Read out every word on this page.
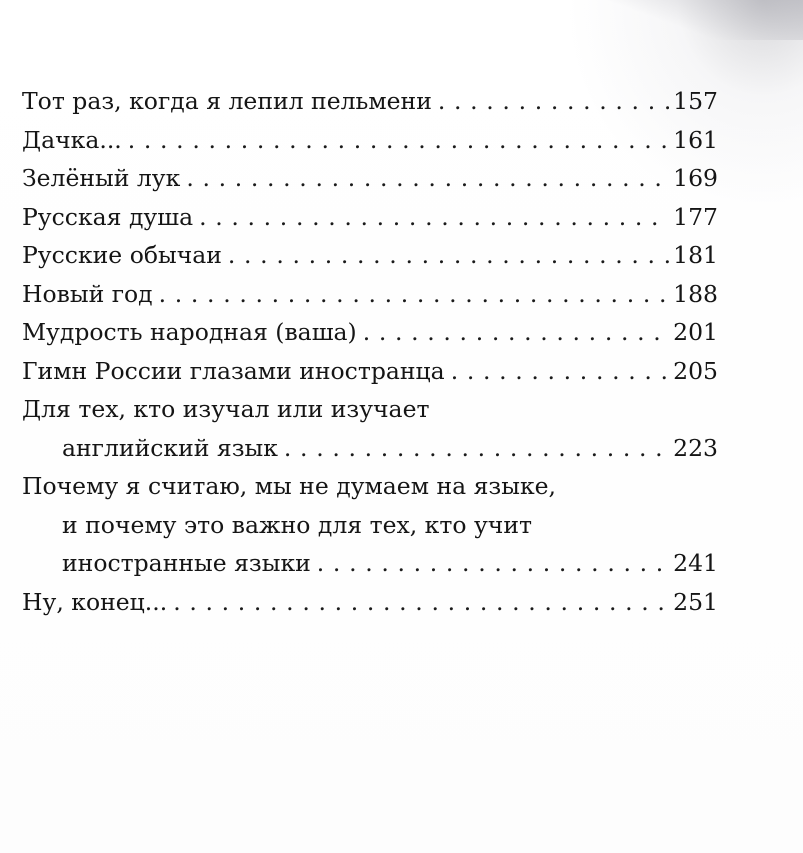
Тот раз, когда я лепил пельмени . . .	157
Дачка... . . .	161
Зелёный лук . . .	169
Русская душа . . .	177
Русские обычаи . . .	181
Новый год . . .	188
Мудрость народная (ваша) . . .	201
Гимн России глазами иностранца . . .	205
Для тех, кто изучал или изучает
английский язык . . .	223
Почему я считаю, мы не думаем на языке,
и почему это важно для тех, кто учит
иностранные языки . . .	241
Ну, конец... . . .	251
